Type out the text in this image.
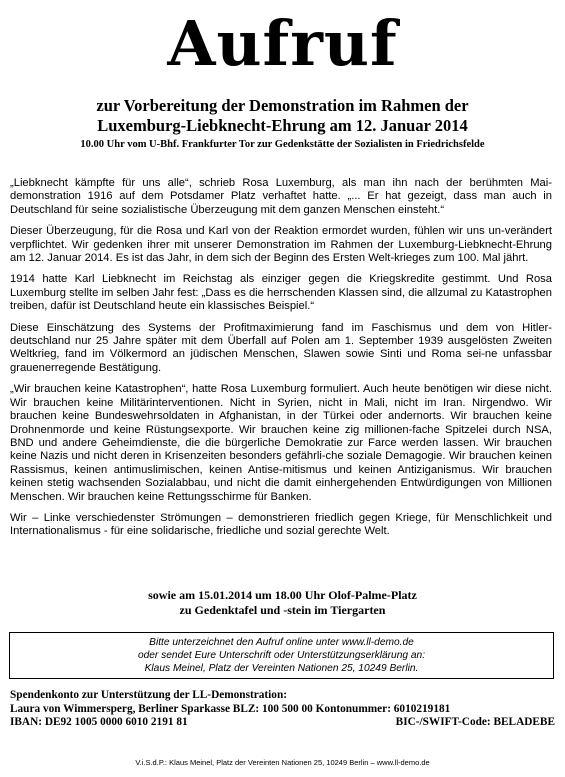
Aufruf
zur Vorbereitung der Demonstration im Rahmen der
Luxemburg-Liebknecht-Ehrung am 12. Januar 2014
10.00 Uhr vom U-Bhf. Frankfurter Tor zur Gedenkstätte der Sozialisten in Friedrichsfelde

„Liebknecht kämpfte für uns alle“, schrieb Rosa Luxemburg, als man ihn nach der berühmten Mai-demonstration 1916 auf dem Potsdamer Platz verhaftet hatte. „... Er hat gezeigt, dass man auch in Deutschland für seine sozialistische Überzeugung mit dem ganzen Menschen einsteht.“

Dieser Überzeugung, für die Rosa und Karl von der Reaktion ermordet wurden, fühlen wir uns un-verändert verpflichtet. Wir gedenken ihrer mit unserer Demonstration im Rahmen der Luxemburg-Liebknecht-Ehrung am 12. Januar 2014. Es ist das Jahr, in dem sich der Beginn des Ersten Welt-krieges zum 100. Mal jährt.

1914 hatte Karl Liebknecht im Reichstag als einziger gegen die Kriegskredite gestimmt. Und Rosa Luxemburg stellte im selben Jahr fest: „Dass es die herrschenden Klassen sind, die allzumal zu Katastrophen treiben, dafür ist Deutschland heute ein klassisches Beispiel.“

Diese Einschätzung des Systems der Profitmaximierung fand im Faschismus und dem von Hitler-deutschland nur 25 Jahre später mit dem Überfall auf Polen am 1. September 1939 ausgelösten Zweiten Weltkrieg, fand im Völkermord an jüdischen Menschen, Slawen sowie Sinti und Roma sei-ne unfassbar grauenerregende Bestätigung.

„Wir brauchen keine Katastrophen“, hatte Rosa Luxemburg formuliert. Auch heute benötigen wir diese nicht. Wir brauchen keine Militärinterventionen. Nicht in Syrien, nicht in Mali, nicht im Iran. Nirgendwo. Wir brauchen keine Bundeswehrsoldaten in Afghanistan, in der Türkei oder andernorts. Wir brauchen keine Drohnenmorde und keine Rüstungsexporte. Wir brauchen keine zig millionen-fache Spitzelei durch NSA, BND und andere Geheimdienste, die die bürgerliche Demokratie zur Farce werden lassen. Wir brauchen keine Nazis und nicht deren in Krisenzeiten besonders gefährli-che soziale Demagogie. Wir brauchen keinen Rassismus, keinen antimuslimischen, keinen Antise-mitismus und keinen Antiziganismus. Wir brauchen keinen stetig wachsenden Sozialabbau, und nicht die damit einhergehenden Entwürdigungen von Millionen Menschen. Wir brauchen keine Rettungsschirme für Banken.

Wir – Linke verschiedenster Strömungen – demonstrieren friedlich gegen Kriege, für Menschlichkeit und Internationalismus - für eine solidarische, friedliche und sozial gerechte Welt.

sowie am 15.01.2014 um 18.00 Uhr Olof-Palme-Platz
zu Gedenktafel und -stein im Tiergarten
Bitte unterzeichnet den Aufruf online unter www.ll-demo.de
oder sendet Eure Unterschrift oder Unterstützungserklärung an:
Klaus Meinel, Platz der Vereinten Nationen 25, 10249 Berlin.
Spendenkonto zur Unterstützung der LL-Demonstration:
Laura von Wimmersperg, Berliner Sparkasse BLZ: 100 500 00 Kontonummer: 6010219181
IBAN: DE92 1005 0000 6010 2191 81	BIC-/SWIFT-Code: BELADEBE
V.i.S.d.P.: Klaus Meinel, Platz der Vereinten Nationen 25, 10249 Berlin – www.ll-demo.de
